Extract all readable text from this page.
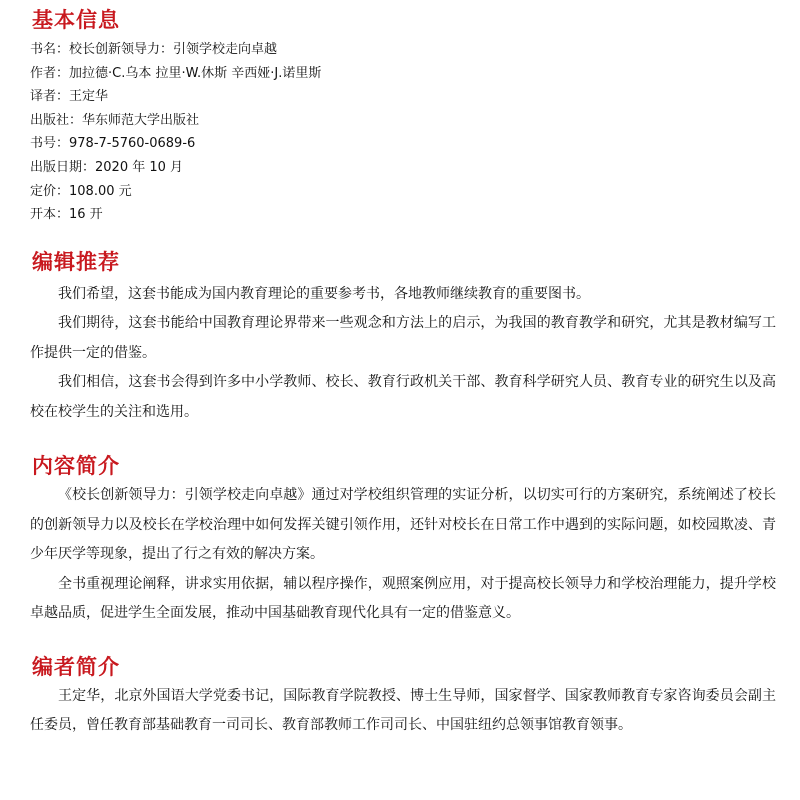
基本信息
书名：校长创新领导力：引领学校走向卓越
作者：加拉德·C.乌本 拉里·W.休斯 辛西娅·J.诺里斯
译者：王定华
出版社：华东师范大学出版社
书号：978-7-5760-0689-6
出版日期：2020 年 10 月
定价：108.00 元
开本：16 开
编辑推荐

我们希望，这套书能成为国内教育理论的重要参考书，各地教师继续教育的重要图书。

我们期待，这套书能给中国教育理论界带来一些观念和方法上的启示，为我国的教育教学和研究，尤其是教材编写工作提供一定的借鉴。

我们相信，这套书会得到许多中小学教师、校长、教育行政机关干部、教育科学研究人员、教育专业的研究生以及高校在校学生的关注和选用。

内容简介

《校长创新领导力：引领学校走向卓越》通过对学校组织管理的实证分析，以切实可行的方案研究，系统阐述了校长的创新领导力以及校长在学校治理中如何发挥关键引领作用，还针对校长在日常工作中遇到的实际问题，如校园欺凌、青少年厌学等现象，提出了行之有效的解决方案。

全书重视理论阐释，讲求实用依据，辅以程序操作，观照案例应用，对于提高校长领导力和学校治理能力，提升学校卓越品质，促进学生全面发展，推动中国基础教育现代化具有一定的借鉴意义。

编者简介

王定华，北京外国语大学党委书记，国际教育学院教授、博士生导师，国家督学、国家教师教育专家咨询委员会副主任委员，曾任教育部基础教育一司司长、教育部教师工作司司长、中国驻纽约总领事馆教育领事。
